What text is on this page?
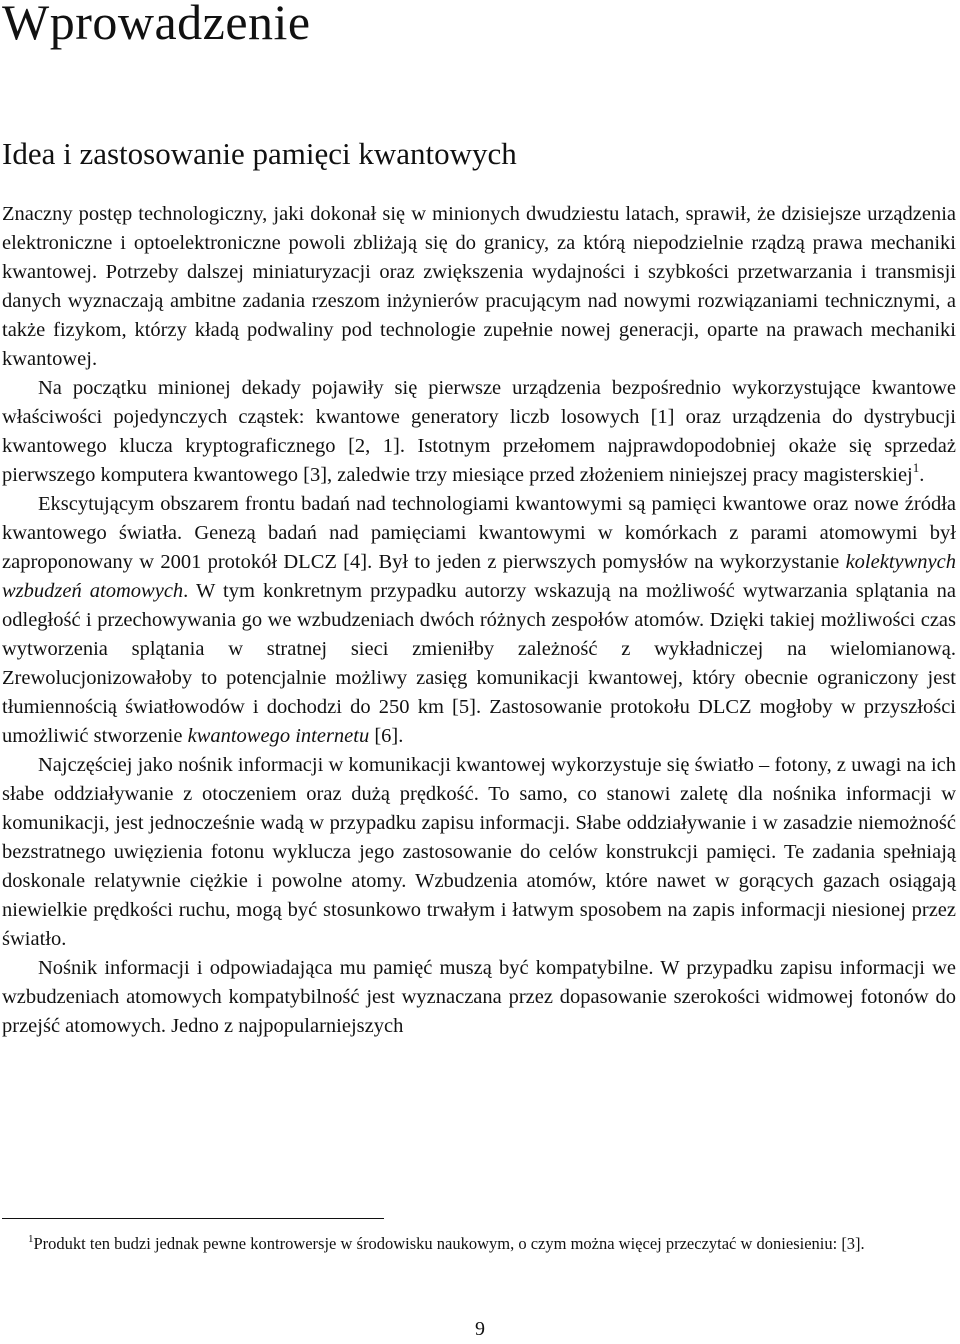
Wprowadzenie
Idea i zastosowanie pamięci kwantowych

Znaczny postęp technologiczny, jaki dokonał się w minionych dwudziestu latach, sprawił, że dzisiejsze urządzenia elektroniczne i optoelektroniczne powoli zbliżają się do granicy, za którą niepodzielnie rządzą prawa mechaniki kwantowej. Potrzeby dalszej miniaturyzacji oraz zwiększenia wydajności i szybkości przetwarzania i transmisji danych wyznaczają ambitne zadania rzeszom inżynierów pracującym nad nowymi rozwiązaniami technicznymi, a także fizykom, którzy kładą podwaliny pod technologie zupełnie nowej generacji, oparte na prawach mechaniki kwantowej.

Na początku minionej dekady pojawiły się pierwsze urządzenia bezpośrednio wykorzystujące kwantowe właściwości pojedynczych cząstek: kwantowe generatory liczb losowych [1] oraz urządzenia do dystrybucji kwantowego klucza kryptograficznego [2, 1]. Istotnym przełomem najprawdopodobniej okaże się sprzedaż pierwszego komputera kwantowego [3], zaledwie trzy miesiące przed złożeniem niniejszej pracy magisterskiej$^1$.

Ekscytującym obszarem frontu badań nad technologiami kwantowymi są pamięci kwantowe oraz nowe źródła kwantowego światła. Genezą badań nad pamięciami kwantowymi w komórkach z parami atomowymi był zaproponowany w 2001 protokół DLCZ [4]. Był to jeden z pierwszych pomysłów na wykorzystanie kolektywnych wzbudzeń atomowych. W tym konkretnym przypadku autorzy wskazują na możliwość wytwarzania splątania na odległość i przechowywania go we wzbudzeniach dwóch różnych zespołów atomów. Dzięki takiej możliwości czas wytworzenia splątania w stratnej sieci zmieniłby zależność z wykładniczej na wielomianową. Zrewolucjonizowałoby to potencjalnie możliwy zasięg komunikacji kwantowej, który obecnie ograniczony jest tłumiennością światłowodów i dochodzi do 250 km [5]. Zastosowanie protokołu DLCZ mogłoby w przyszłości umożliwić stworzenie kwantowego internetu [6].

Najczęściej jako nośnik informacji w komunikacji kwantowej wykorzystuje się światło – fotony, z uwagi na ich słabe oddziaływanie z otoczeniem oraz dużą prędkość. To samo, co stanowi zaletę dla nośnika informacji w komunikacji, jest jednocześnie wadą w przypadku zapisu informacji. Słabe oddziaływanie i w zasadzie niemożność bezstratnego uwięzienia fotonu wyklucza jego zastosowanie do celów konstrukcji pamięci. Te zadania spełniają doskonale relatywnie ciężkie i powolne atomy. Wzbudzenia atomów, które nawet w gorących gazach osiągają niewielkie prędkości ruchu, mogą być stosunkowo trwałym i łatwym sposobem na zapis informacji niesionej przez światło.

Nośnik informacji i odpowiadająca mu pamięć muszą być kompatybilne. W przypadku zapisu informacji we wzbudzeniach atomowych kompatybilność jest wyznaczana przez dopasowanie szerokości widmowej fotonów do przejść atomowych. Jedno z najpopularniejszych

$^1$Produkt ten budzi jednak pewne kontrowersje w środowisku naukowym, o czym można więcej przeczytać w doniesieniu: [3].
9
